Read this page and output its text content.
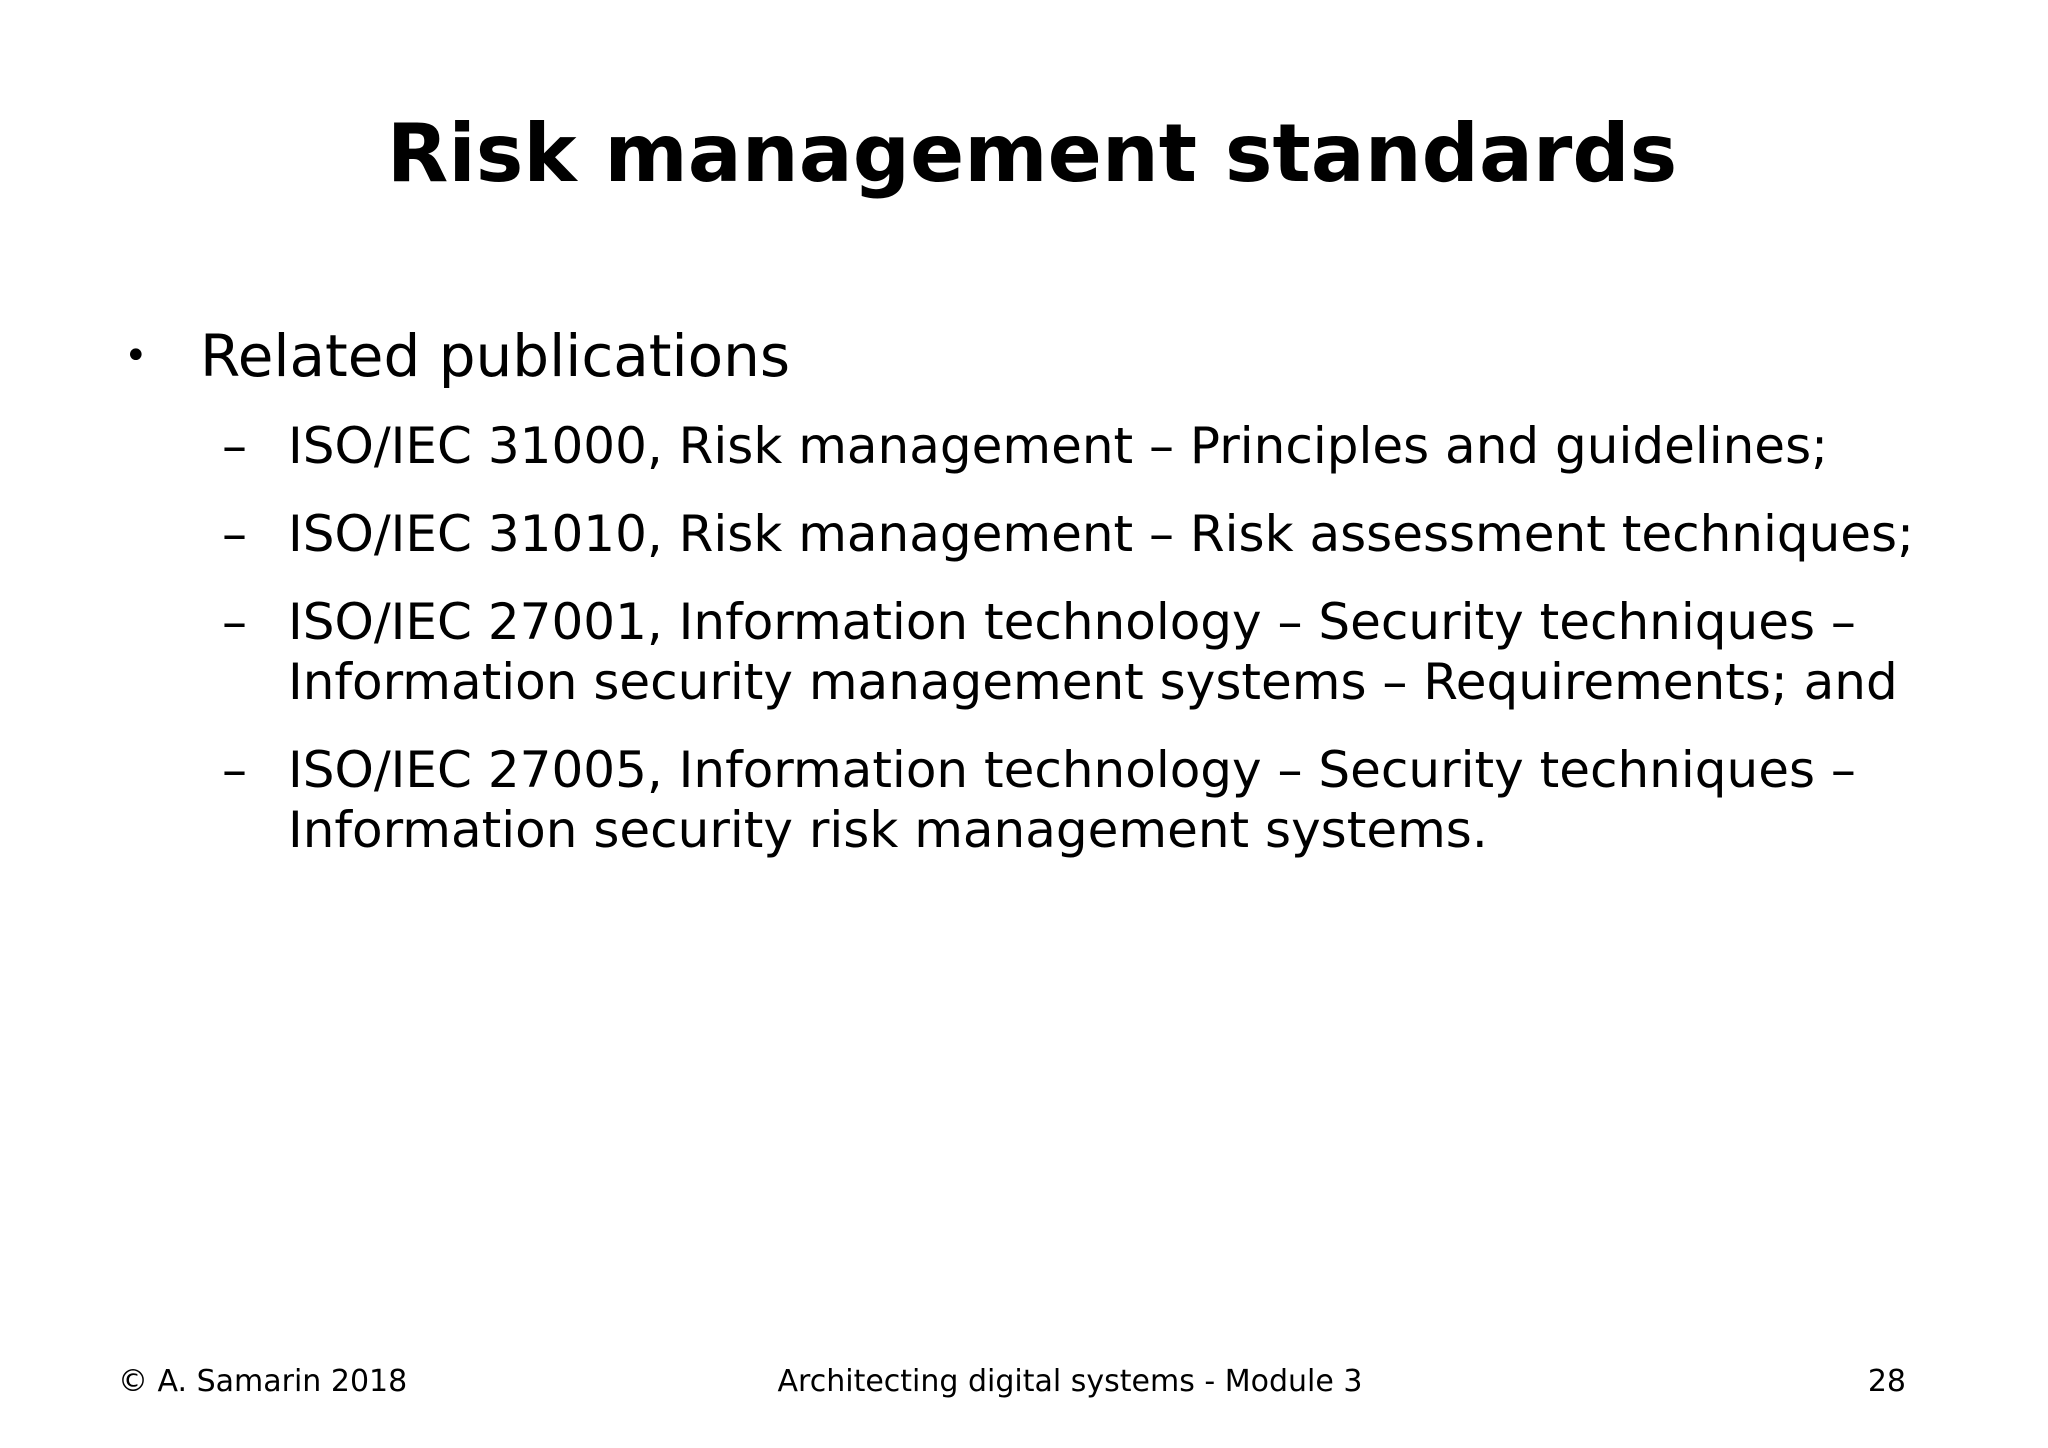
Risk management standards
• Related publications
– ISO/IEC 31000, Risk management – Principles and guidelines;
– ISO/IEC 31010, Risk management – Risk assessment techniques;
– ISO/IEC 27001, Information technology – Security techniques –
Information security management systems – Requirements; and
– ISO/IEC 27005, Information technology – Security techniques –
Information security risk management systems.
© A. Samarin 2018	Architecting digital systems - Module 3	28
